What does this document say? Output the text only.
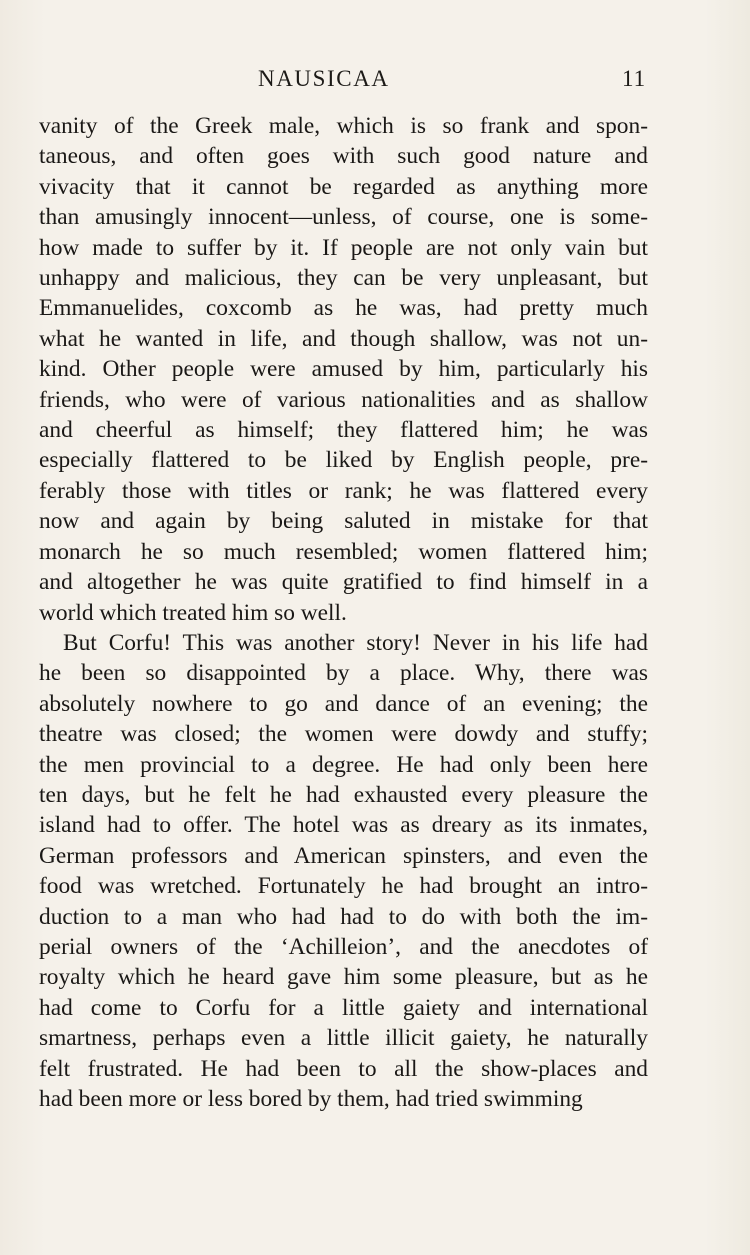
NAUSICAA	11
vanity of the Greek male, which is so frank and spon-
taneous, and often goes with such good nature and
vivacity that it cannot be regarded as anything more
than amusingly innocent—unless, of course, one is some-
how made to suffer by it. If people are not only vain but
unhappy and malicious, they can be very unpleasant, but
Emmanuelides, coxcomb as he was, had pretty much
what he wanted in life, and though shallow, was not un-
kind. Other people were amused by him, particularly his
friends, who were of various nationalities and as shallow
and cheerful as himself; they flattered him; he was
especially flattered to be liked by English people, pre-
ferably those with titles or rank; he was flattered every
now and again by being saluted in mistake for that
monarch he so much resembled; women flattered him;
and altogether he was quite gratified to find himself in a
world which treated him so well.
But Corfu! This was another story! Never in his life had
he been so disappointed by a place. Why, there was
absolutely nowhere to go and dance of an evening; the
theatre was closed; the women were dowdy and stuffy;
the men provincial to a degree. He had only been here
ten days, but he felt he had exhausted every pleasure the
island had to offer. The hotel was as dreary as its inmates,
German professors and American spinsters, and even the
food was wretched. Fortunately he had brought an intro-
duction to a man who had had to do with both the im-
perial owners of the ‘Achilleion’, and the anecdotes of
royalty which he heard gave him some pleasure, but as he
had come to Corfu for a little gaiety and international
smartness, perhaps even a little illicit gaiety, he naturally
felt frustrated. He had been to all the show-places and
had been more or less bored by them, had tried swimming
